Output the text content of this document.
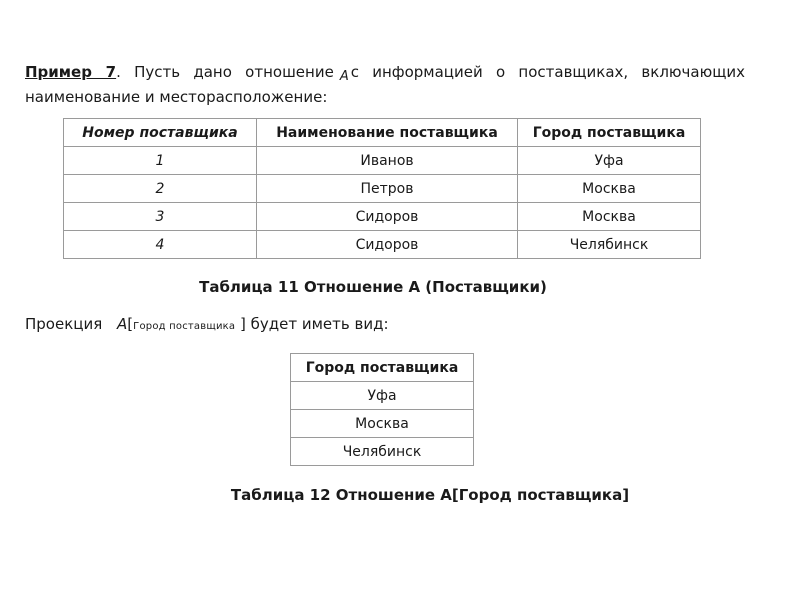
Пример 7. Пусть дано отношение A с информацией о поставщиках, включающих наименование и месторасположение:
Номер поставщика	Наименование поставщика	Город поставщика
1	Иванов	Уфа
2	Петров	Москва
3	Сидоров	Москва
4	Сидоров	Челябинск
Таблица 11 Отношение А (Поставщики)
Проекция A[Город поставщика ] будет иметь вид:
Город поставщика
Уфа
Москва
Челябинск
Таблица 12 Отношение А[Город поставщика]
